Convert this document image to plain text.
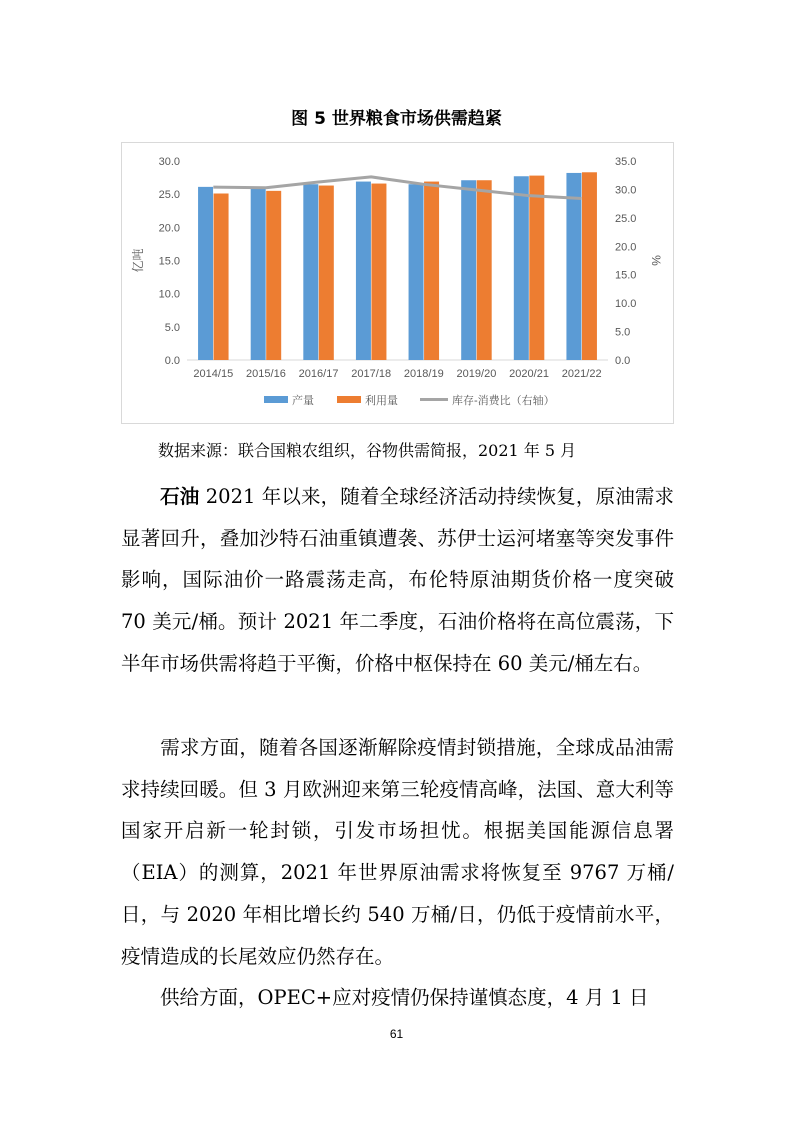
图 5 世界粮食市场供需趋紧
0.0
5.0
10.0
15.0
20.0
25.0
30.0
0.0
5.0
10.0
15.0
20.0
25.0
30.0
35.0
亿吨	%
2014/15 2015/16 2016/17 2017/18 2018/19 2019/20 2020/21 2021/22
产量	利用量	库存-消费比（右轴）
数据来源：联合国粮农组织，谷物供需简报，2021 年 5 月

石油 2021 年以来，随着全球经济活动持续恢复，原油需求显著回升，叠加沙特石油重镇遭袭、苏伊士运河堵塞等突发事件影响，国际油价一路震荡走高，布伦特原油期货价格一度突破 70 美元/桶。预计 2021 年二季度，石油价格将在高位震荡，下半年市场供需将趋于平衡，价格中枢保持在 60 美元/桶左右。

需求方面，随着各国逐渐解除疫情封锁措施，全球成品油需求持续回暖。但 3 月欧洲迎来第三轮疫情高峰，法国、意大利等国家开启新一轮封锁，引发市场担忧。根据美国能源信息署（EIA）的测算，2021 年世界原油需求将恢复至 9767 万桶/日，与 2020 年相比增长约 540 万桶/日，仍低于疫情前水平，疫情造成的长尾效应仍然存在。

供给方面，OPEC+应对疫情仍保持谨慎态度，4 月 1 日

61
